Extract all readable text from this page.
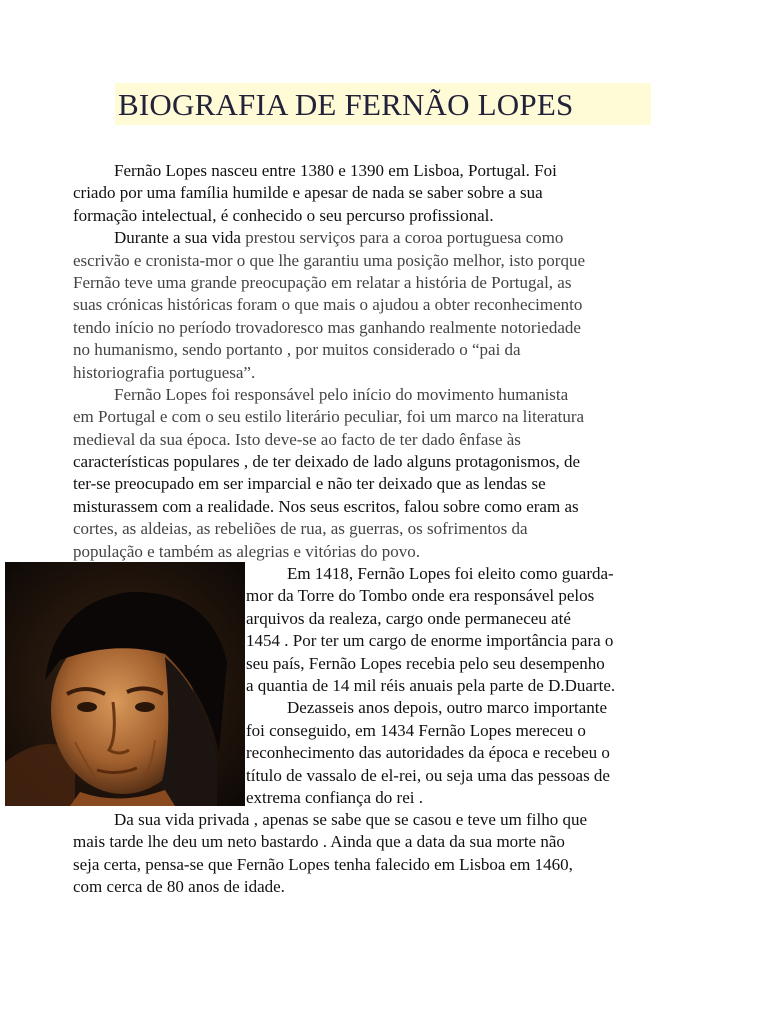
BIOGRAFIA DE FERNÃO LOPES
Fernão Lopes nasceu entre 1380 e 1390 em Lisboa, Portugal. Foi
criado por uma família humilde e apesar de nada se saber sobre a sua
formação intelectual, é conhecido o seu percurso profissional.
Durante a sua vida prestou serviços para a coroa portuguesa como
escrivão e cronista-mor o que lhe garantiu uma posição melhor, isto porque
Fernão teve uma grande preocupação em relatar a história de Portugal, as
suas crónicas históricas foram o que mais o ajudou a obter reconhecimento
tendo início no período trovadoresco mas ganhando realmente notoriedade
no humanismo, sendo portanto , por muitos considerado o “pai da
historiografia portuguesa”.
Fernão Lopes foi responsável pelo início do movimento humanista
em Portugal e com o seu estilo literário peculiar, foi um marco na literatura
medieval da sua época. Isto deve-se ao facto de ter dado ênfase às
características populares , de ter deixado de lado alguns protagonismos, de
ter-se preocupado em ser imparcial e não ter deixado que as lendas se
misturassem com a realidade. Nos seus escritos, falou sobre como eram as
cortes, as aldeias, as rebeliões de rua, as guerras, os sofrimentos da
população e também as alegrias e vitórias do povo.
Em 1418, Fernão Lopes foi eleito como guarda-
mor da Torre do Tombo onde era responsável pelos
arquivos da realeza, cargo onde permaneceu até
1454 . Por ter um cargo de enorme importância para o
seu país, Fernão Lopes recebia pelo seu desempenho
a quantia de 14 mil réis anuais pela parte de D.Duarte.
Dezasseis anos depois, outro marco importante
foi conseguido, em 1434 Fernão Lopes mereceu o
reconhecimento das autoridades da época e recebeu o
título de vassalo de el-rei, ou seja uma das pessoas de
extrema confiança do rei .
Da sua vida privada , apenas se sabe que se casou e teve um filho que
mais tarde lhe deu um neto bastardo . Ainda que a data da sua morte não
seja certa, pensa-se que Fernão Lopes tenha falecido em Lisboa em 1460,
com cerca de 80 anos de idade.
